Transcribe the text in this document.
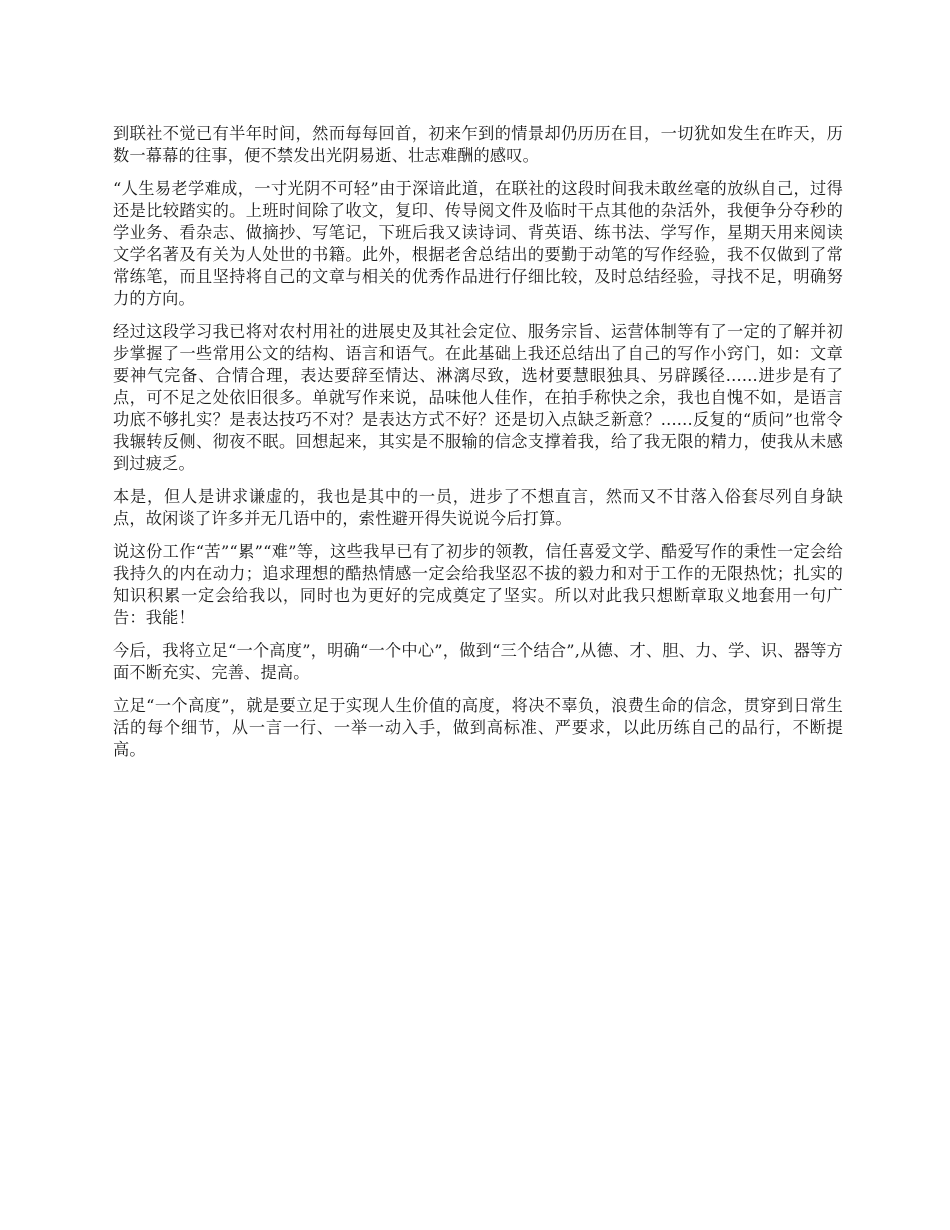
到联社不觉已有半年时间，然而每每回首，初来乍到的情景却仍历历在目，一切犹如发生在昨天，历数一幕幕的往事，便不禁发出光阴易逝、壮志难酬的感叹。

“人生易老学难成，一寸光阴不可轻”由于深谙此道，在联社的这段时间我未敢丝毫的放纵自己，过得还是比较踏实的。上班时间除了收文，复印、传导阅文件及临时干点其他的杂活外，我便争分夺秒的学业务、看杂志、做摘抄、写笔记，下班后我又读诗词、背英语、练书法、学写作，星期天用来阅读文学名著及有关为人处世的书籍。此外，根据老舍总结出的要勤于动笔的写作经验，我不仅做到了常常练笔，而且坚持将自己的文章与相关的优秀作品进行仔细比较，及时总结经验，寻找不足，明确努力的方向。

经过这段学习我已将对农村用社的进展史及其社会定位、服务宗旨、运营体制等有了一定的了解并初步掌握了一些常用公文的结构、语言和语气。在此基础上我还总结出了自己的写作小窍门，如：文章要神气完备、合情合理，表达要辞至情达、淋漓尽致，选材要慧眼独具、另辟蹊径......进步是有了点，可不足之处依旧很多。单就写作来说，品味他人佳作，在拍手称快之余，我也自愧不如，是语言功底不够扎实？是表达技巧不对？是表达方式不好？还是切入点缺乏新意？......反复的“质问”也常令我辗转反侧、彻夜不眠。回想起来，其实是不服输的信念支撑着我，给了我无限的精力，使我从未感到过疲乏。

本是，但人是讲求谦虚的，我也是其中的一员，进步了不想直言，然而又不甘落入俗套尽列自身缺点，故闲谈了许多并无几语中的，索性避开得失说说今后打算。

说这份工作“苦”“累”“难”等，这些我早已有了初步的领教，信任喜爱文学、酷爱写作的秉性一定会给我持久的内在动力；追求理想的酷热情感一定会给我坚忍不拔的毅力和对于工作的无限热忱；扎实的知识积累一定会给我以，同时也为更好的完成奠定了坚实。所以对此我只想断章取义地套用一句广告：我能！

今后，我将立足“一个高度”，明确“一个中心”，做到“三个结合”,从德、才、胆、力、学、识、器等方面不断充实、完善、提高。

立足“一个高度”，就是要立足于实现人生价值的高度，将决不辜负，浪费生命的信念，贯穿到日常生活的每个细节，从一言一行、一举一动入手，做到高标准、严要求，以此历练自己的品行，不断提高。
